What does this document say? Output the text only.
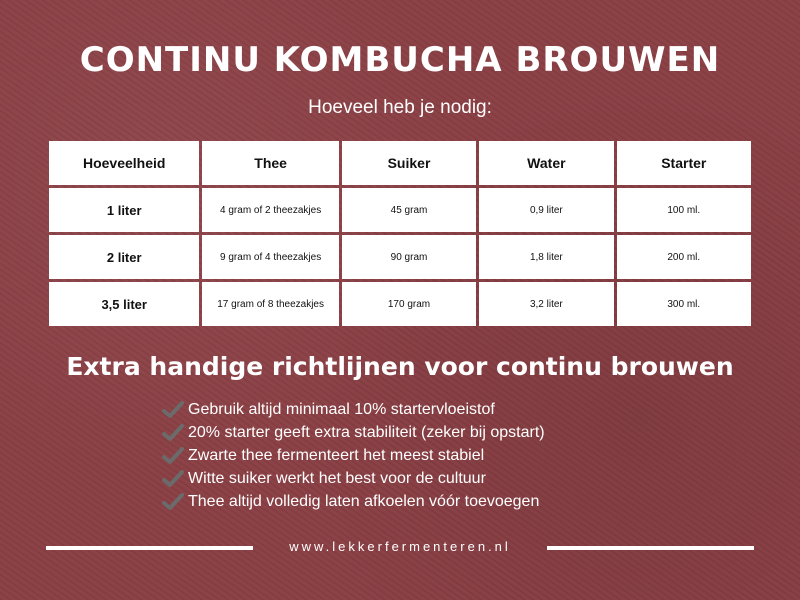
CONTINU KOMBUCHA BROUWEN
Hoeveel heb je nodig:
Hoeveelheid	Thee	Suiker	Water	Starter
1 liter	4 gram of 2 theezakjes	45 gram	0,9 liter	100 ml.
2 liter	9 gram of 4 theezakjes	90 gram	1,8 liter	200 ml.
3,5 liter	17 gram of 8 theezakjes	170 gram	3,2 liter	300 ml.
Extra handige richtlijnen voor continu brouwen
Gebruik altijd minimaal 10% startervloeistof
20% starter geeft extra stabiliteit (zeker bij opstart)
Zwarte thee fermenteert het meest stabiel
Witte suiker werkt het best voor de cultuur
Thee altijd volledig laten afkoelen vóór toevoegen
www.lekkerfermenteren.nl
